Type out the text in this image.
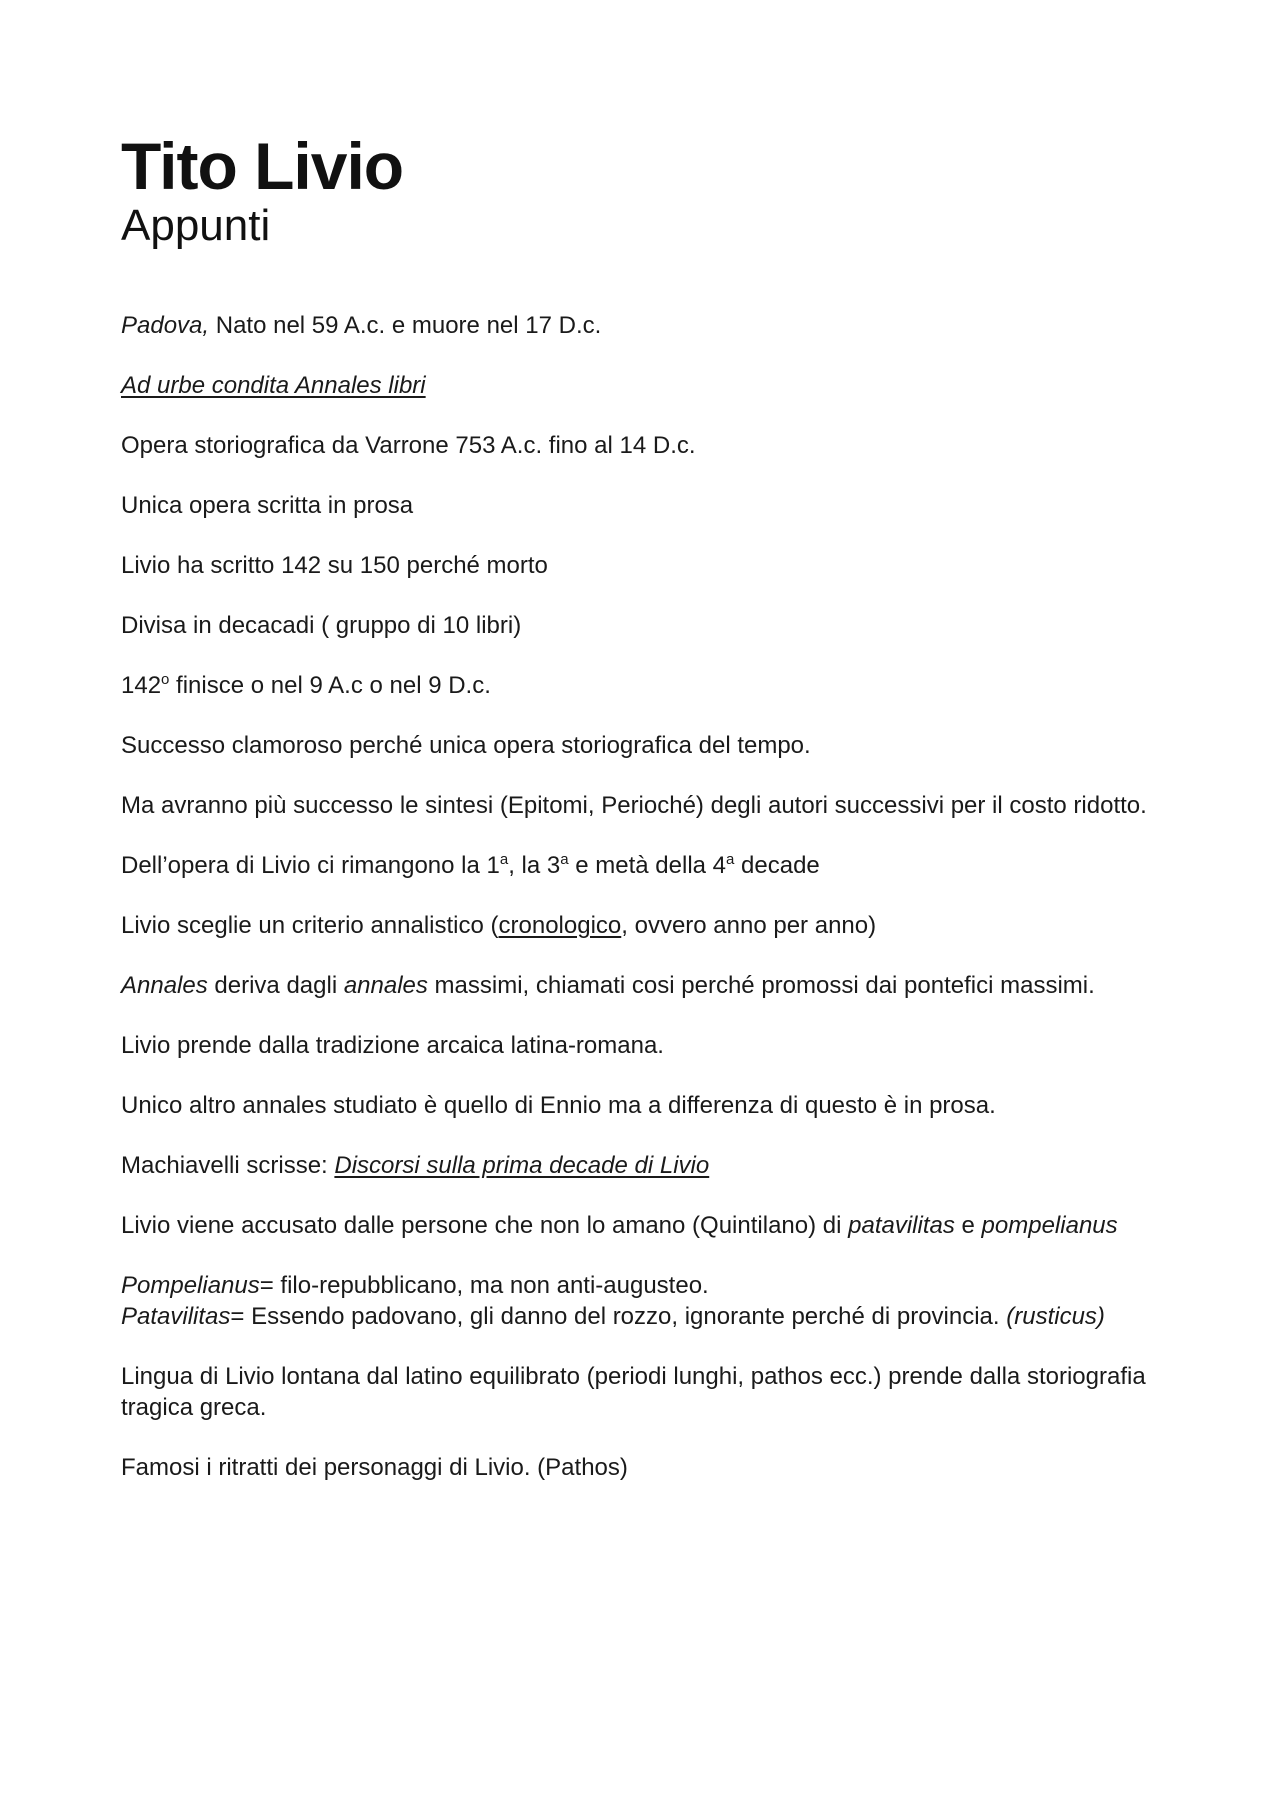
Tito Livio
Appunti

Padova, Nato nel 59 A.c. e muore nel 17 D.c.

Ad urbe condita Annales libri

Opera storiografica da Varrone 753 A.c. fino al 14 D.c.

Unica opera scritta in prosa

Livio ha scritto 142 su 150 perché morto

Divisa in decacadi ( gruppo di 10 libri)

142$^o$ finisce o nel 9 A.c o nel 9 D.c.

Successo clamoroso perché unica opera storiografica del tempo.

Ma avranno più successo le sintesi (Epitomi, Perioché) degli autori successivi per il costo ridotto.

Dell’opera di Livio ci rimangono la 1$^a$, la 3$^a$ e metà della 4$^a$ decade

Livio sceglie un criterio annalistico (cronologico, ovvero anno per anno)

Annales deriva dagli annales massimi, chiamati cosi perché promossi dai pontefici massimi.

Livio prende dalla tradizione arcaica latina-romana.

Unico altro annales studiato è quello di Ennio ma a differenza di questo è in prosa.

Machiavelli scrisse: Discorsi sulla prima decade di Livio

Livio viene accusato dalle persone che non lo amano (Quintilano) di patavilitas e pompelianus

Pompelianus= filo-repubblicano, ma non anti-augusteo.

Patavilitas= Essendo padovano, gli danno del rozzo, ignorante perché di provincia. (rusticus)

Lingua di Livio lontana dal latino equilibrato (periodi lunghi, pathos ecc.) prende dalla storiografia tragica greca.

Famosi i ritratti dei personaggi di Livio. (Pathos)
